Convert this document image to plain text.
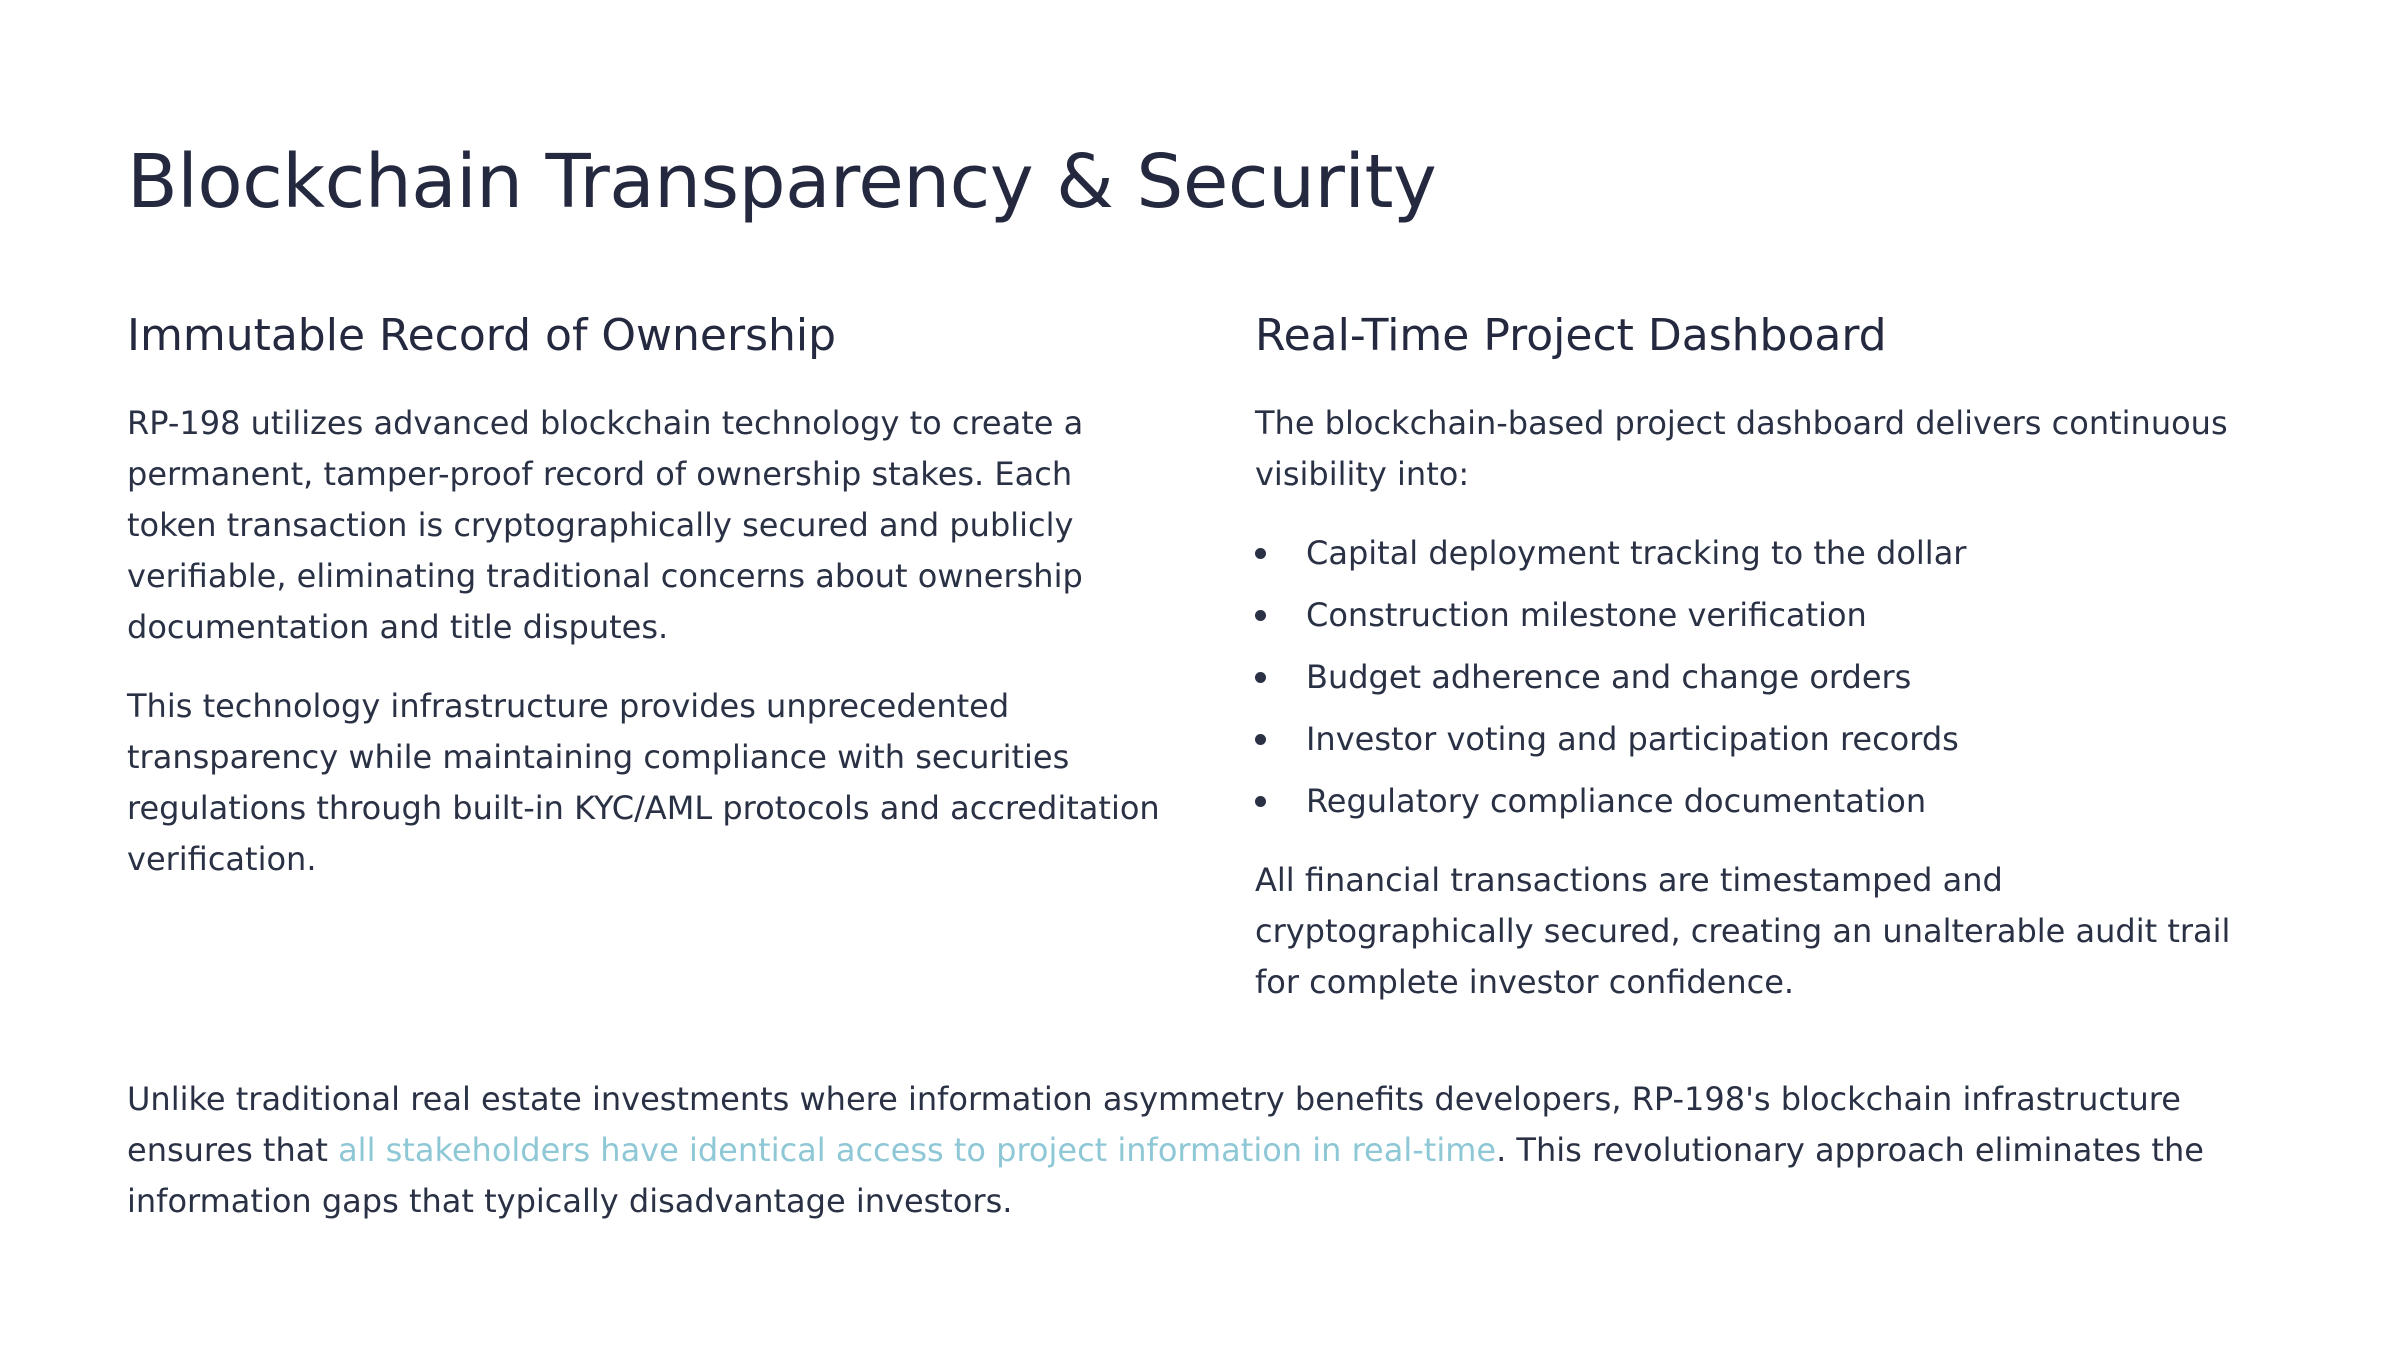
Blockchain Transparency & Security
Immutable Record of Ownership

RP-198 utilizes advanced blockchain technology to create a permanent, tamper-proof record of ownership stakes. Each token transaction is cryptographically secured and publicly verifiable, eliminating traditional concerns about ownership documentation and title disputes.

This technology infrastructure provides unprecedented transparency while maintaining compliance with securities regulations through built-in KYC/AML protocols and accreditation verification.

Real-Time Project Dashboard

The blockchain-based project dashboard delivers continuous visibility into:

Capital deployment tracking to the dollar
Construction milestone verification
Budget adherence and change orders
Investor voting and participation records
Regulatory compliance documentation

All financial transactions are timestamped and cryptographically secured, creating an unalterable audit trail for complete investor confidence.

Unlike traditional real estate investments where information asymmetry benefits developers, RP-198's blockchain infrastructure ensures that all stakeholders have identical access to project information in real-time. This revolutionary approach eliminates the information gaps that typically disadvantage investors.
